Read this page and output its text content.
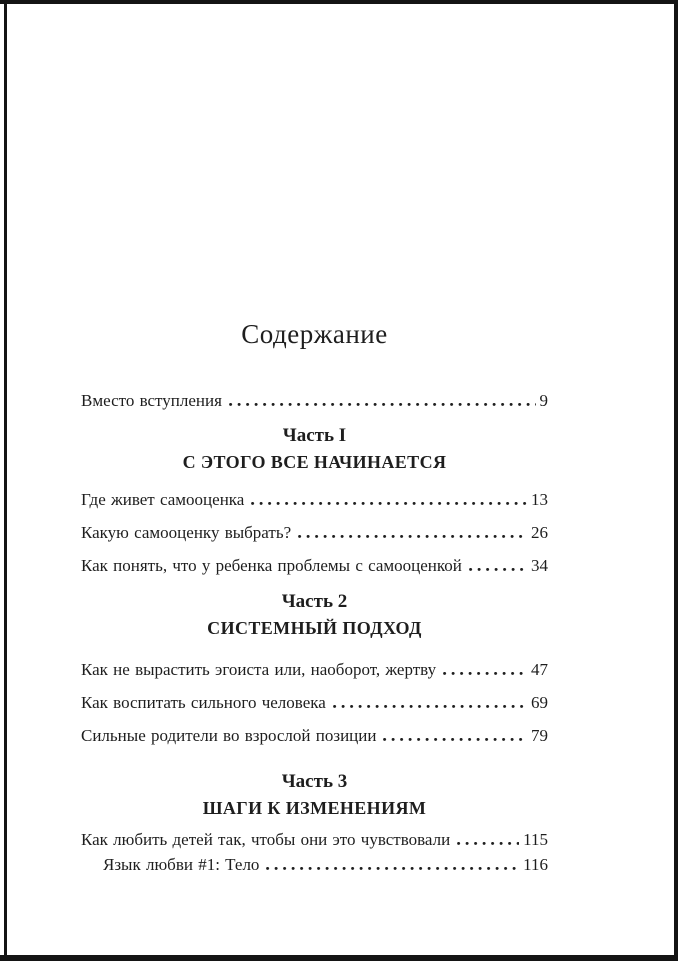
Содержание
Вместо вступления	9
Часть I
С ЭТОГО ВСЕ НАЧИНАЕТСЯ
Где живет самооценка	13
Какую самооценку выбрать?	26
Как понять, что у ребенка проблемы с самооценкой	34
Часть 2
СИСТЕМНЫЙ ПОДХОД
Как не вырастить эгоиста или, наоборот, жертву	47
Как воспитать сильного человека	69
Сильные родители во взрослой позиции	79
Часть 3
ШАГИ К ИЗМЕНЕНИЯМ
Как любить детей так, чтобы они это чувствовали	115
Язык любви #1: Тело	116
